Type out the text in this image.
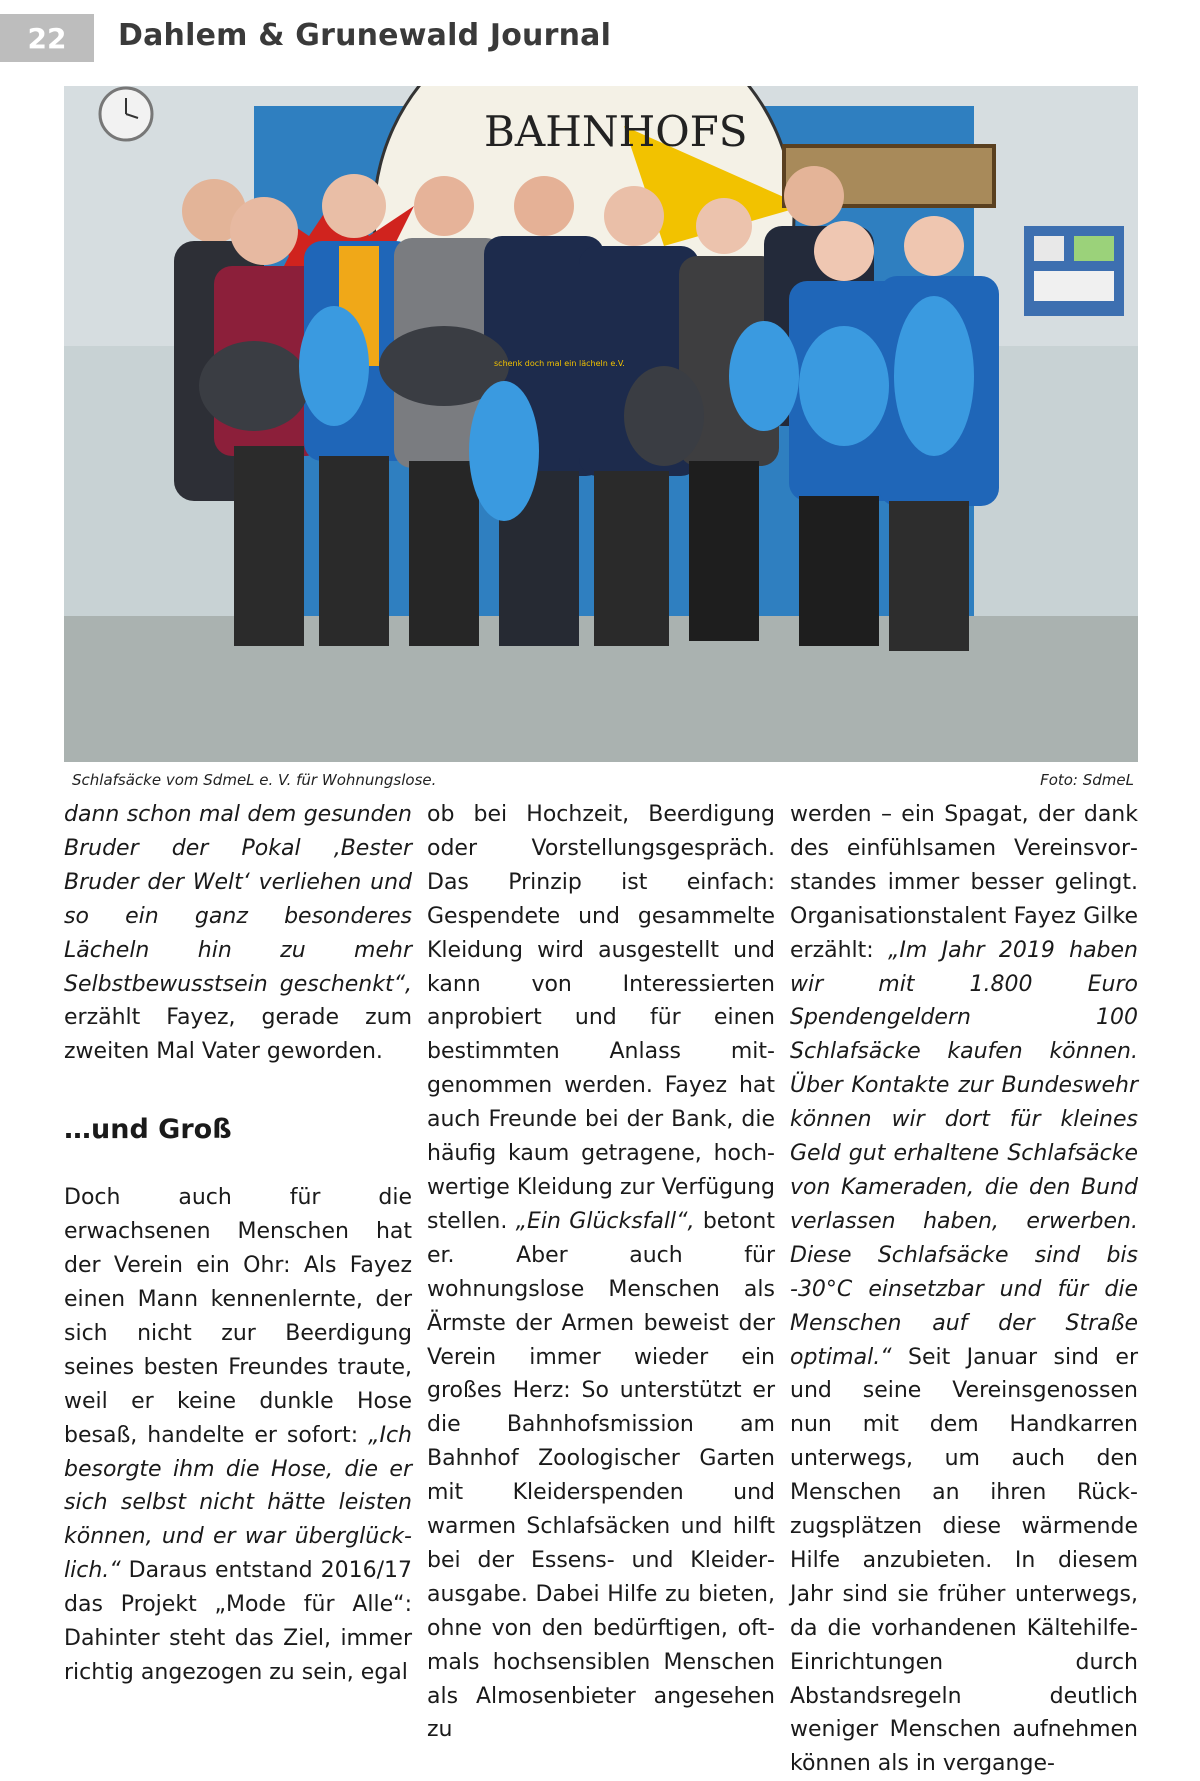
22	Dahlem & Grunewald Journal
BAHNHOFS
schenk doch mal ein lächeln e.V.
Schlafsäcke vom SdmeL e. V. für Wohnungslose.	Foto: SdmeL

dann schon mal dem gesunden Bruder der Pokal ‚Bester Bruder der Welt‘ verliehen und so ein ganz besonderes Lächeln hin zu mehr Selbstbewusstsein geschenkt“, erzählt Fayez, gerade zum zweiten Mal Vater geworden.

…und Groß

Doch auch für die erwachsenen Menschen hat der Verein ein Ohr: Als Fayez einen Mann kennenlernte, der sich nicht zur Beerdigung seines besten Freundes traute, weil er keine dunkle Hose besaß, handelte er sofort: „Ich besorgte ihm die Hose, die er sich selbst nicht hätte leisten können, und er war überglücklich.“ Daraus entstand 2016/17 das Projekt „Mode für Alle“: Dahinter steht das Ziel, immer richtig angezogen zu sein, egal

ob bei Hochzeit, Beerdigung oder Vorstellungsgespräch. Das Prinzip ist einfach: Gespendete und gesammelte Kleidung wird ausgestellt und kann von Interessierten anprobiert und für einen bestimmten Anlass mitgenommen werden. Fayez hat auch Freunde bei der Bank, die häufig kaum getragene, hochwertige Kleidung zur Verfügung stellen. „Ein Glücksfall“, betont er. Aber auch für wohnungslose Menschen als Ärmste der Armen beweist der Verein immer wieder ein großes Herz: So unterstützt er die Bahnhofsmission am Bahnhof Zoologischer Garten mit Kleiderspenden und warmen Schlafsäcken und hilft bei der Essens- und Kleiderausgabe. Dabei Hilfe zu bieten, ohne von den bedürftigen, oftmals hochsensiblen Menschen als Almosenbieter angesehen zu

werden – ein Spagat, der dank des einfühlsamen Vereinsvorstandes immer besser gelingt. Organisationstalent Fayez Gilke erzählt: „Im Jahr 2019 haben wir mit 1.800 Euro Spendengeldern 100 Schlafsäcke kaufen können. Über Kontakte zur Bundeswehr können wir dort für kleines Geld gut erhaltene Schlafsäcke von Kameraden, die den Bund verlassen haben, erwerben. Diese Schlafsäcke sind bis -30°C einsetzbar und für die Menschen auf der Straße optimal.“ Seit Januar sind er und seine Vereinsgenossen nun mit dem Handkarren unterwegs, um auch den Menschen an ihren Rückzugsplätzen diese wärmende Hilfe anzubieten. In diesem Jahr sind sie früher unterwegs, da die vorhandenen Kältehilfe-Einrichtungen durch Abstandsregeln deutlich weniger Menschen aufnehmen können als in vergange-
